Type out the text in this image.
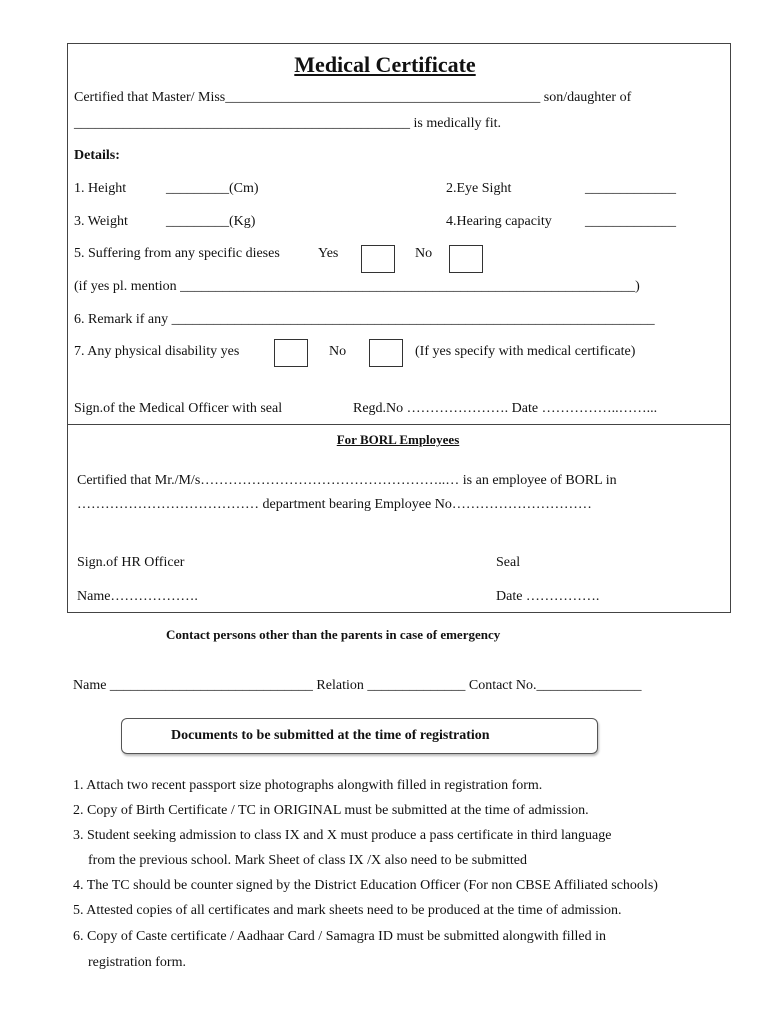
Medical Certificate
Certified that Master/ Miss_____________________________________________ son/daughter of
________________________________________________ is medically fit.
Details:
1. Height	_________(Cm)	2.Eye Sight	_____________
3. Weight	_________(Kg)	4.Hearing capacity _____________
5. Suffering from any specific dieses	Yes	No
(if yes pl. mention _________________________________________________________________)
6. Remark if any _____________________________________________________________________
7. Any physical disability yes	No	(If yes specify with medical certificate)
Sign.of the Medical Officer with seal	Regd.No …………………. Date ……………..……...
For BORL Employees
Certified that Mr./M/s……………………………………………..… is an employee of BORL in
………………………………… department bearing Employee No…………………………
Sign.of HR Officer	Seal
Name……………….	Date …………….
Contact persons other than the parents in case of emergency
Name _____________________________ Relation ______________ Contact No._______________
Documents to be submitted at the time of registration
1. Attach two recent passport size photographs alongwith filled in registration form.
2. Copy of Birth Certificate / TC in ORIGINAL must be submitted at the time of admission.
3. Student seeking admission to class IX and X must produce a pass certificate in third language
from the previous school. Mark Sheet of class IX /X also need to be submitted
4. The TC should be counter signed by the District Education Officer (For non CBSE Affiliated schools)
5. Attested copies of all certificates and mark sheets need to be produced at the time of admission.
6. Copy of Caste certificate / Aadhaar Card / Samagra ID must be submitted alongwith filled in
registration form.
